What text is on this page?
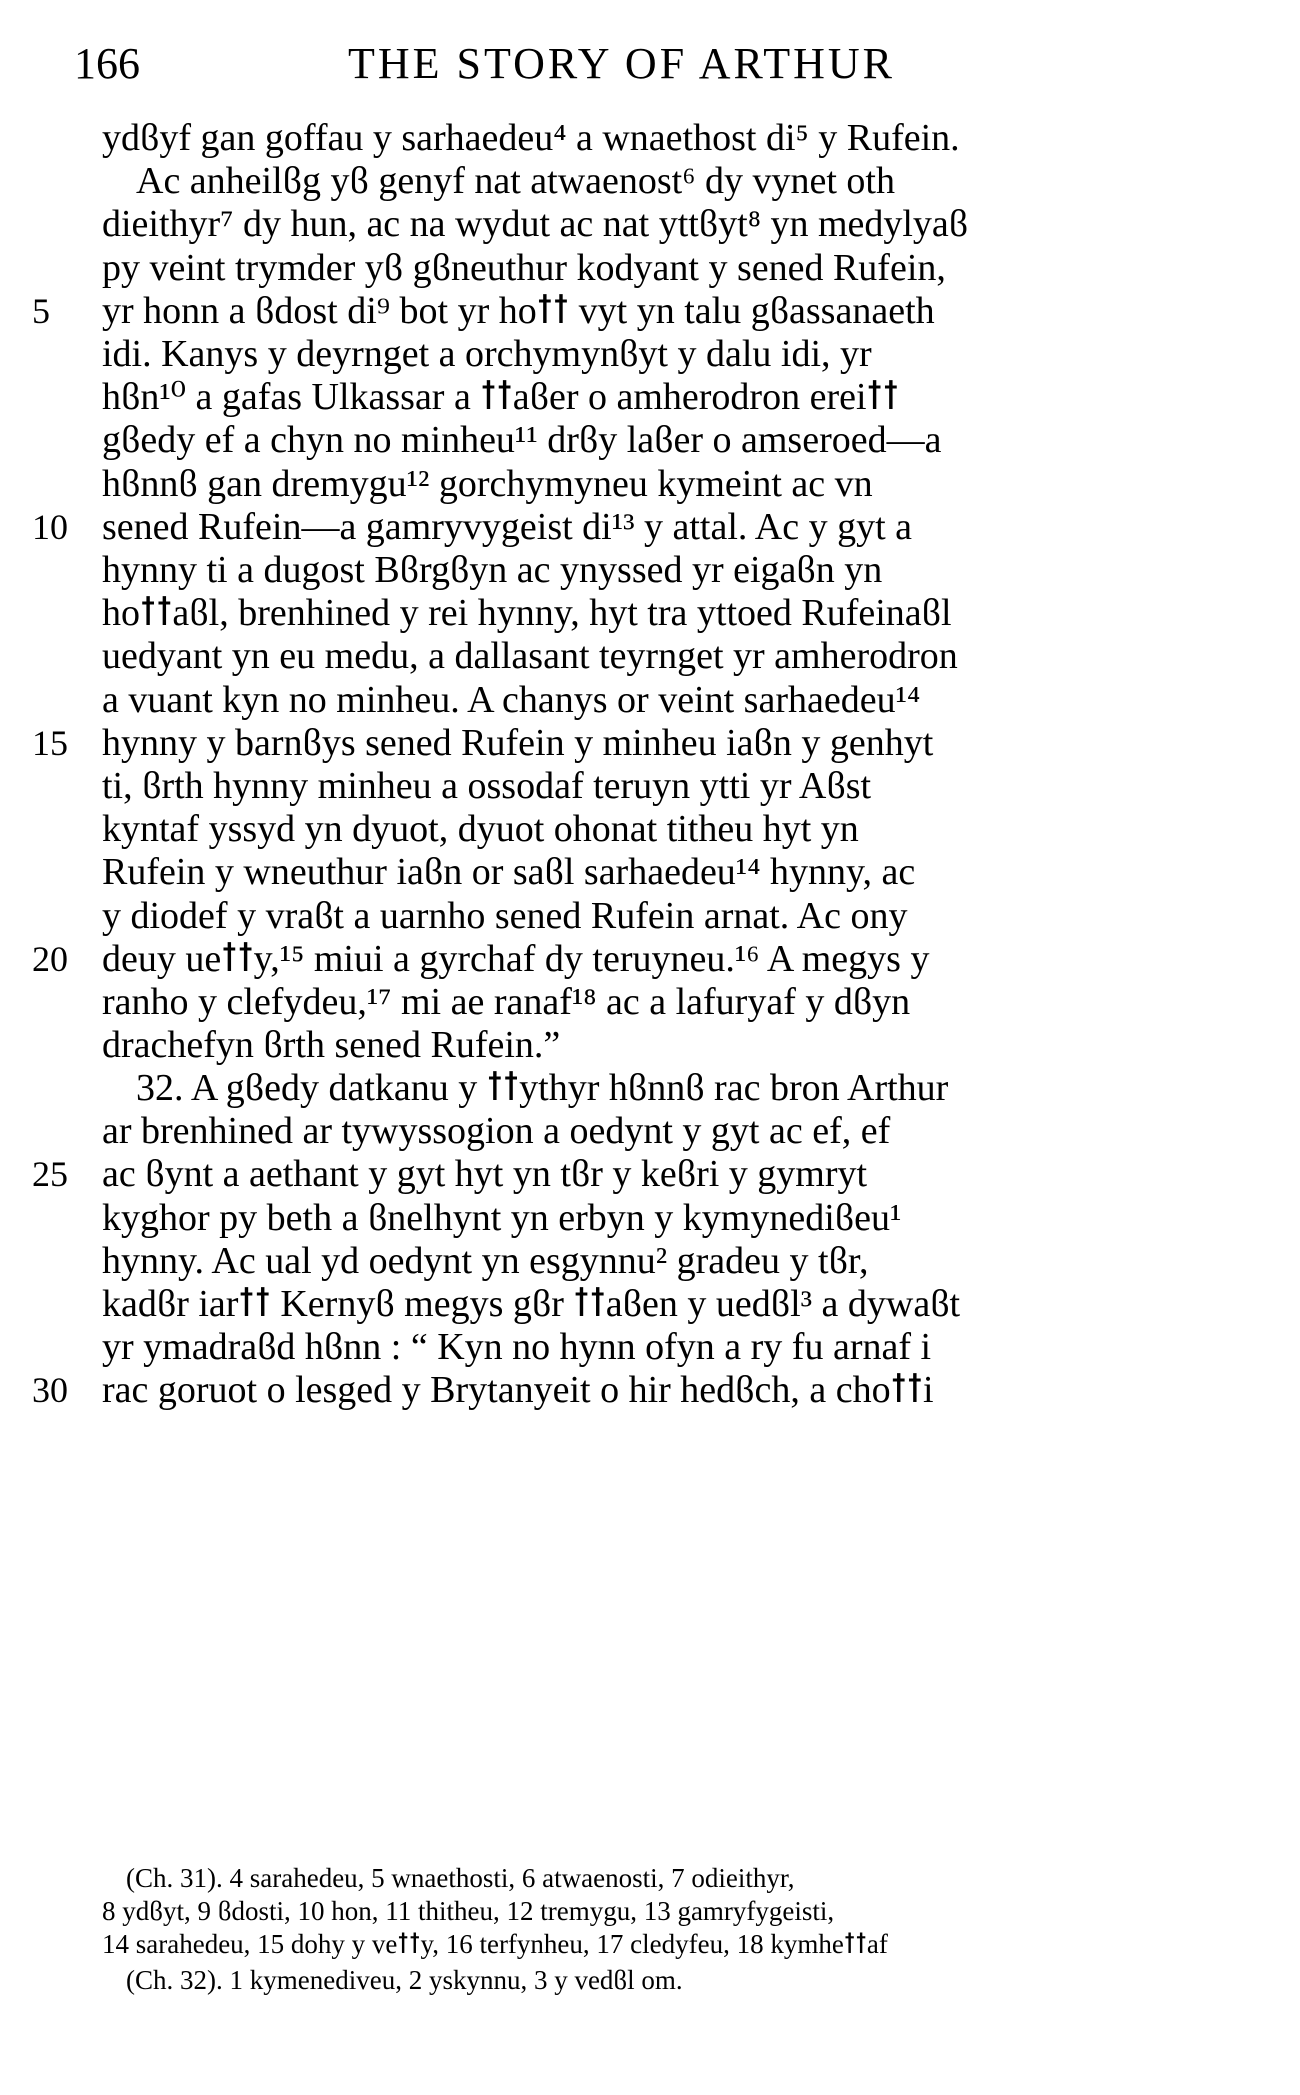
166	THE STORY OF ARTHUR
ydϐyf gan goffau y sarhaedeu⁴ a wnaethost di⁵ y Rufein.
Ac anheilϐg yϐ genyf nat atwaenost⁶ dy vynet oth
dieithyr⁷ dy hun, ac na wydut ac nat yttϐyt⁸ yn medylyaϐ
py veint trymder yϐ gϐneuthur kodyant y sened Rufein,
5	yr honn a ϐdost di⁹ bot yr hoꝉꝉ vyt yn talu gϐassanaeth
idi. Kanys y deyrnget a orchymynϐyt y dalu idi, yr
hϐn¹⁰ a gafas Ulkassar a ꝉꝉaϐer o amherodron ereiꝉꝉ
gϐedy ef a chyn no minheu¹¹ drϐy laϐer o amseroed—a
hϐnnϐ gan dremygu¹² gorchymyneu kymeint ac vn
10 sened Rufein—a gamryvygeist di¹³ y attal. Ac y gyt a
hynny ti a dugost Bϐrgϐyn ac ynyssed yr eigaϐn yn
hoꝉꝉaϐl, brenhined y rei hynny, hyt tra yttoed Rufeinaϐl
uedyant yn eu medu, a dallasant teyrnget yr amherodron
a vuant kyn no minheu. A chanys or veint sarhaedeu¹⁴
15 hynny y barnϐys sened Rufein y minheu iaϐn y genhyt
ti, ϐrth hynny minheu a ossodaf teruyn ytti yr Aϐst
kyntaf yssyd yn dyuot, dyuot ohonat titheu hyt yn
Rufein y wneuthur iaϐn or saϐl sarhaedeu¹⁴ hynny, ac
y diodef y vraϐt a uarnho sened Rufein arnat. Ac ony
20 deuy ueꝉꝉy,¹⁵ miui a gyrchaf dy teruyneu.¹⁶ A megys y
ranho y clefydeu,¹⁷ mi ae ranaf¹⁸ ac a lafuryaf y dϐyn
drachefyn ϐrth sened Rufein.”
32. A gϐedy datkanu y ꝉꝉythyr hϐnnϐ rac bron Arthur
ar brenhined ar tywyssogion a oedynt y gyt ac ef, ef
25 ac ϐynt a aethant y gyt hyt yn tϐr y keϐri y gymryt
kyghor py beth a ϐnelhynt yn erbyn y kymynediϐeu¹
hynny. Ac ual yd oedynt yn esgynnu² gradeu y tϐr,
kadϐr iarꝉꝉ Kernyϐ megys gϐr ꝉꝉaϐen y uedϐl³ a dywaϐt
yr ymadraϐd hϐnn : “ Kyn no hynn ofyn a ry fu arnaf i
30 rac goruot o lesged y Brytanyeit o hir hedϐch, a choꝉꝉi
(Ch. 31). 4 sarahedeu, 5 wnaethosti, 6 atwaenosti, 7 odieithyr,
8 ydϐyt, 9 ϐdosti, 10 hon, 11 thitheu, 12 tremygu, 13 gamryfygeisti,
14 sarahedeu, 15 dohy y veꝉꝉy, 16 terfynheu, 17 cledyfeu, 18 kymheꝉꝉaf
(Ch. 32). 1 kymenediveu, 2 yskynnu, 3 y vedϐl om.
